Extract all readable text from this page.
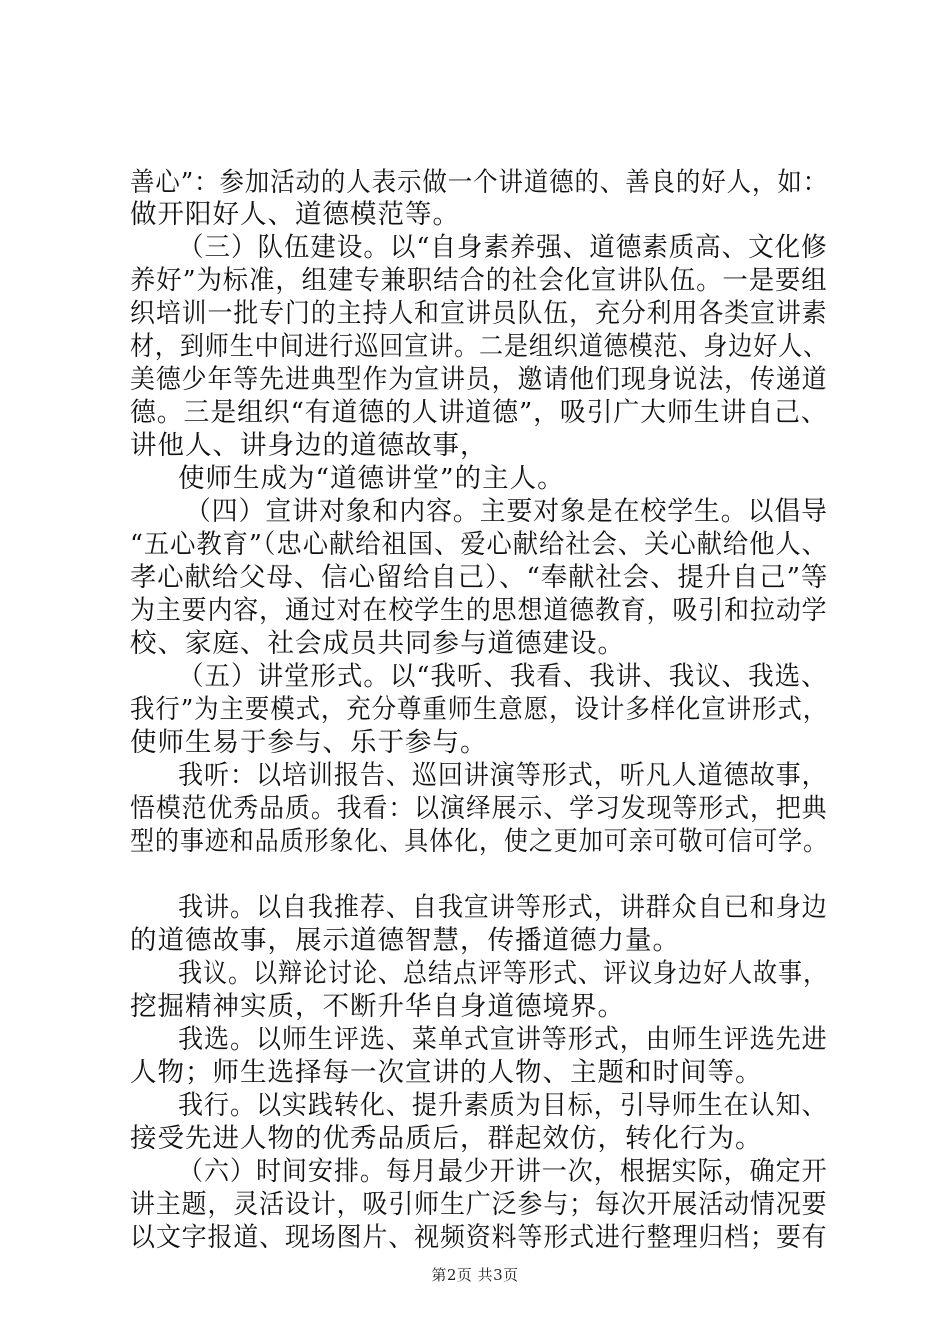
善心”：参加活动的人表示做一个讲道德的、善良的好人，如：
做开阳好人、道德模范等。
（三）队伍建设。以“自身素养强、道德素质高、文化修
养好”为标准，组建专兼职结合的社会化宣讲队伍。一是要组
织培训一批专门的主持人和宣讲员队伍，充分利用各类宣讲素
材，到师生中间进行巡回宣讲。二是组织道德模范、身边好人、
美德少年等先进典型作为宣讲员，邀请他们现身说法，传递道
德。三是组织“有道德的人讲道德”，吸引广大师生讲自己、
讲他人、讲身边的道德故事，
使师生成为“道德讲堂”的主人。
（四）宣讲对象和内容。主要对象是在校学生。以倡导
“五心教育”（忠心献给祖国、爱心献给社会、关心献给他人、
孝心献给父母、信心留给自己）、“奉献社会、提升自己”等
为主要内容，通过对在校学生的思想道德教育，吸引和拉动学
校、家庭、社会成员共同参与道德建设。
（五）讲堂形式。以“我听、我看、我讲、我议、我选、
我行”为主要模式，充分尊重师生意愿，设计多样化宣讲形式，
使师生易于参与、乐于参与。
我听：以培训报告、巡回讲演等形式，听凡人道德故事，
悟模范优秀品质。我看：以演绎展示、学习发现等形式，把典
型的事迹和品质形象化、具体化，使之更加可亲可敬可信可学。
我讲。以自我推荐、自我宣讲等形式，讲群众自已和身边
的道德故事，展示道德智慧，传播道德力量。
我议。以辩论讨论、总结点评等形式、评议身边好人故事，
挖掘精神实质，不断升华自身道德境界。
我选。以师生评选、菜单式宣讲等形式，由师生评选先进
人物；师生选择每一次宣讲的人物、主题和时间等。
我行。以实践转化、提升素质为目标，引导师生在认知、
接受先进人物的优秀品质后，群起效仿，转化行为。
（六）时间安排。每月最少开讲一次，根据实际，确定开
讲主题，灵活设计，吸引师生广泛参与；每次开展活动情况要
以文字报道、现场图片、视频资料等形式进行整理归档；要有
第2页 共3页
